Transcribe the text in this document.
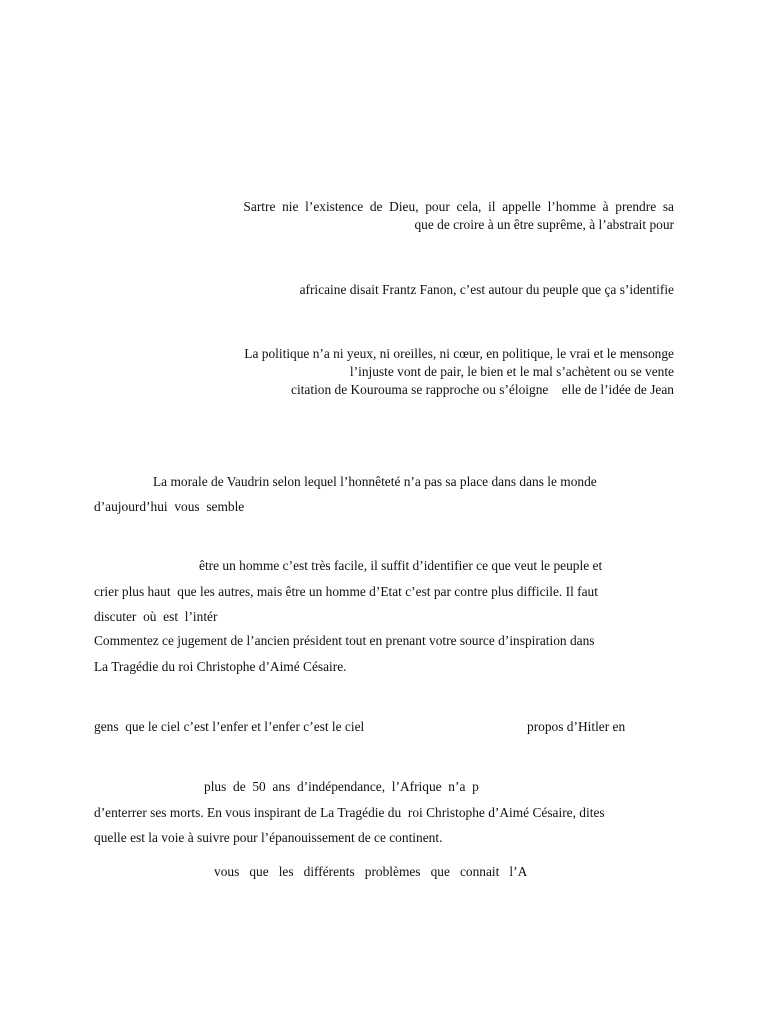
Sartre  nie  l’existence  de  Dieu,  pour  cela,  il  appelle  l’homme  à  prendre  sa
que de croire à un être suprême, à l’abstrait pour
africaine disait Frantz Fanon, c’est autour du peuple que ça s’identifie
La politique n’a ni yeux, ni oreilles, ni cœur, en politique, le vrai et le mensonge
l’injuste vont de pair, le bien et le mal s’achètent ou se vente
citation de Kourouma se rapproche ou s’éloigne    elle de l’idée de Jean
La morale de Vaudrin selon lequel l’honnêteté n’a pas sa place dans dans le monde
d’aujourd’hui  vous  semble
être un homme c’est très facile, il suffit d’identifier ce que veut le peuple et
crier plus haut  que les autres, mais être un homme d’Etat c’est par contre plus difficile. Il faut
discuter  où  est  l’intér
Commentez ce jugement de l’ancien président tout en prenant votre source d’inspiration dans
La Tragédie du roi Christophe d’Aimé Césaire.
gens  que le ciel c’est l’enfer et l’enfer c’est le ciel	propos d’Hitler en
plus  de  50  ans  d’indépendance,  l’Afrique  n’a  p
d’enterrer ses morts. En vous inspirant de La Tragédie du  roi Christophe d’Aimé Césaire, dites
quelle est la voie à suivre pour l’épanouissement de ce continent.
vous   que   les   différents   problèmes   que   connait   l’A
